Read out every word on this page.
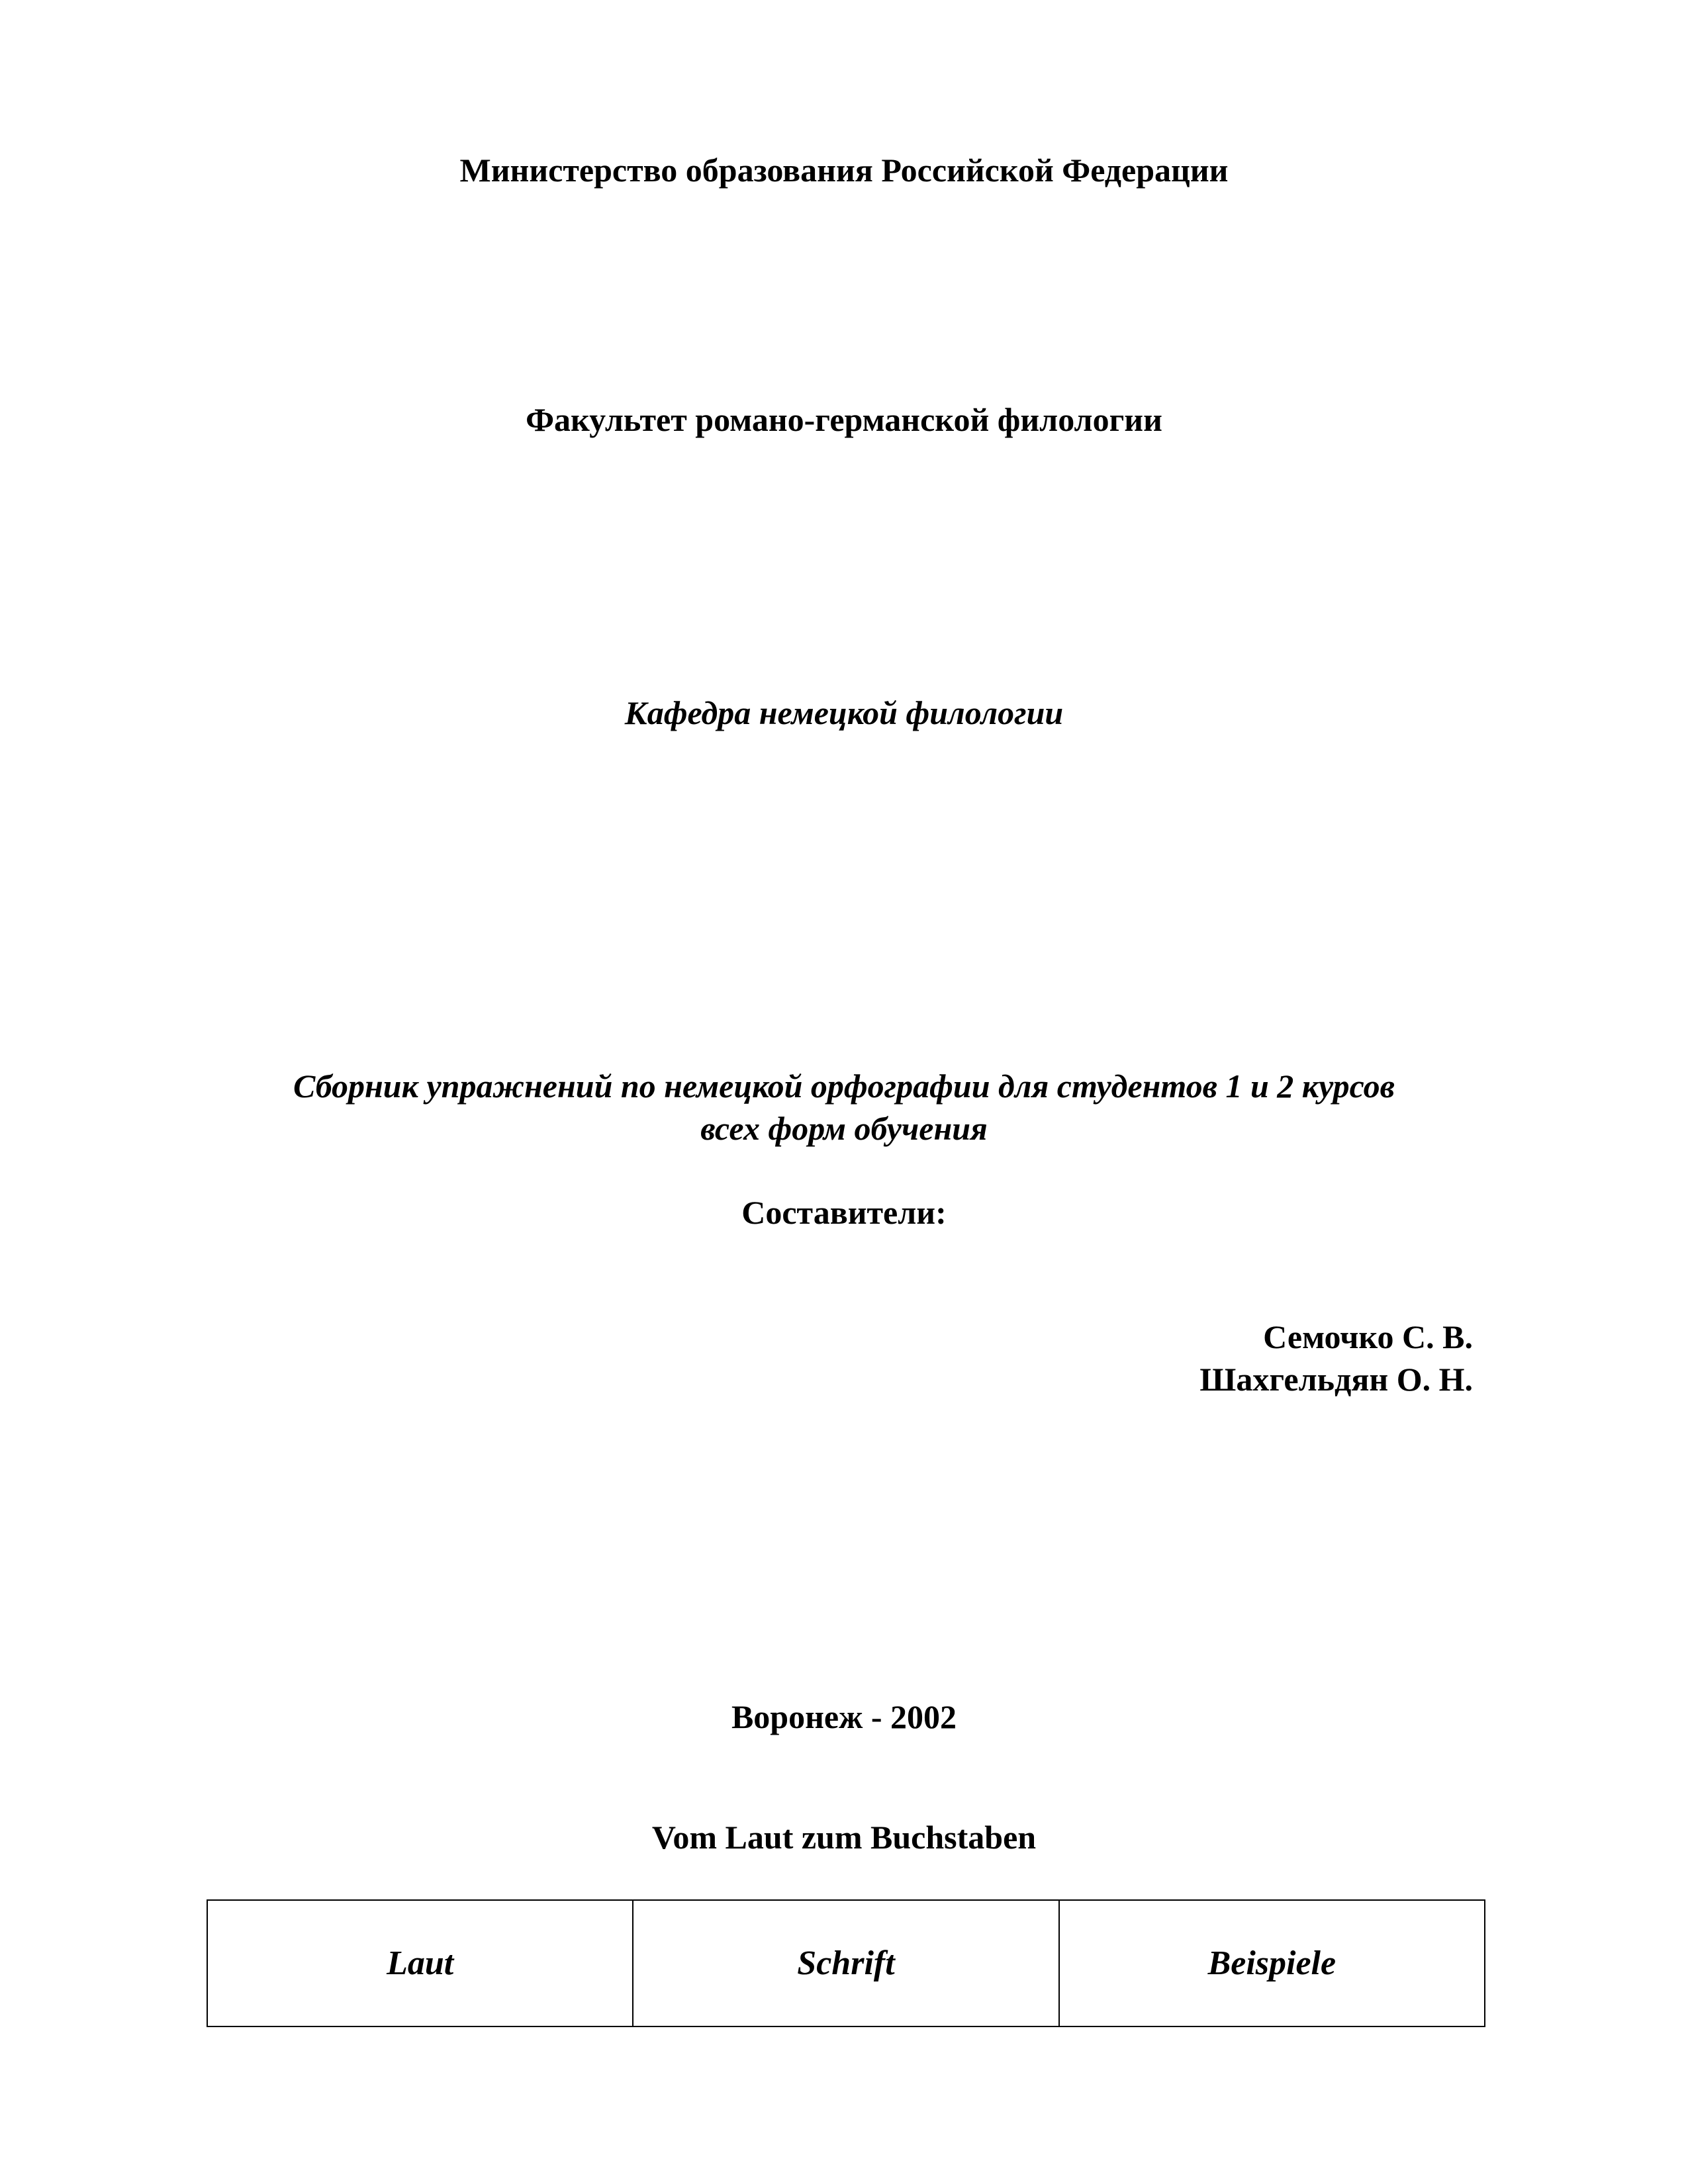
Министерство образования Российской Федерации
Факультет романо-германской филологии
Кафедра немецкой филологии
Сборник упражнений по немецкой орфографии для студентов 1 и 2 курсов
всех форм обучения
Составители:
Семочко С. В.
Шахгельдян О. Н.
Воронеж - 2002
Vom Laut zum Buchstaben
Laut	Schrift	Beispiele
